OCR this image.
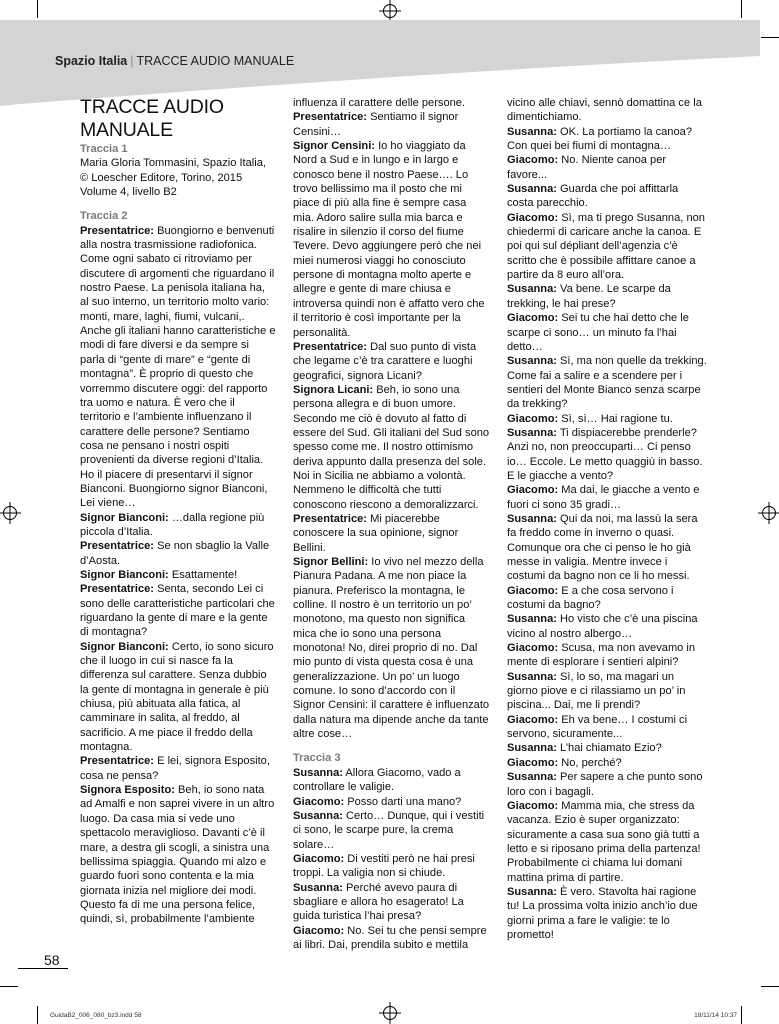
Spazio Italia | TRACCE AUDIO MANUALE

TRACCE AUDIO MANUALE

Traccia 1

Maria Gloria Tommasini, Spazio Italia, © Loescher Editore, Torino, 2015 Volume 4, livello B2

Traccia 2

Presentatrice: Buongiorno e benvenuti alla nostra trasmissione radiofonica. Come ogni sabato ci ritroviamo per discutere di argomenti che riguardano il nostro Paese. La penisola italiana ha, al suo interno, un territorio molto vario: monti, mare, laghi, fiumi, vulcani,. Anche gli italiani hanno caratteristiche e modi di fare diversi e da sempre si parla di “gente di mare” e “gente di montagna”. È proprio di questo che vorremmo discutere oggi: del rapporto tra uomo e natura. È vero che il territorio e l’ambiente influenzano il carattere delle persone? Sentiamo cosa ne pensano i nostri ospiti provenienti da diverse regioni d’Italia. Ho il piacere di presentarvi il signor Bianconi. Buongiorno signor Bianconi, Lei viene…

Signor Bianconi: …dalla regione più piccola d’Italia.

Presentatrice: Se non sbaglio la Valle d’Aosta.

Signor Bianconi: Esattamente!

Presentatrice: Senta, secondo Lei ci sono delle caratteristiche particolari che riguardano la gente di mare e la gente di montagna?

Signor Bianconi: Certo, io sono sicuro che il luogo in cui si nasce fa la differenza sul carattere. Senza dubbio la gente di montagna in generale è più chiusa, più abituata alla fatica, al camminare in salita, al freddo, al sacrificio. A me piace il freddo della montagna.

Presentatrice: E lei, signora Esposito, cosa ne pensa?

Signora Esposito: Beh, io sono nata ad Amalfi e non saprei vivere in un altro luogo. Da casa mia si vede uno spettacolo meraviglioso. Davanti c’è il mare, a destra gli scogli, a sinistra una bellissima spiaggia. Quando mi alzo e guardo fuori sono contenta e la mia giornata inizia nel migliore dei modi. Questo fa di me una persona felice, quindi, sì, probabilmente l’ambiente

influenza il carattere delle persone.

Presentatrice: Sentiamo il signor Censini…

Signor Censini: Io ho viaggiato da Nord a Sud e in lungo e in largo e conosco bene il nostro Paese…. Lo trovo bellissimo ma il posto che mi piace di più alla fine è sempre casa mia. Adoro salire sulla mia barca e risalire in silenzio il corso del fiume Tevere. Devo aggiungere però che nei miei numerosi viaggi ho conosciuto persone di montagna molto aperte e allegre e gente di mare chiusa e introversa quindi non è affatto vero che il territorio è così importante per la personalità.

Presentatrice: Dal suo punto di vista che legame c’è tra carattere e luoghi geografici, signora Licani?

Signora Licani: Beh, io sono una persona allegra e di buon umore. Secondo me ciò è dovuto al fatto di essere del Sud. Gli italiani del Sud sono spesso come me. Il nostro ottimismo deriva appunto dalla presenza del sole. Noi in Sicilia ne abbiamo a volontà. Nemmeno le difficoltà che tutti conoscono riescono a demoralizzarci.

Presentatrice: Mi piacerebbe conoscere la sua opinione, signor Bellini.

Signor Bellini: Io vivo nel mezzo della Pianura Padana. A me non piace la pianura. Preferisco la montagna, le colline. Il nostro è un territorio un po’ monotono, ma questo non significa mica che io sono una persona monotona! No, direi proprio di no. Dal mio punto di vista questa cosa è una generalizzazione. Un po’ un luogo comune. Io sono d’accordo con il Signor Censini: il carattere è influenzato dalla natura ma dipende anche da tante altre cose…

Traccia 3

Susanna: Allora Giacomo, vado a controllare le valigie.

Giacomo: Posso darti una mano?

Susanna: Certo… Dunque, qui i vestiti ci sono, le scarpe pure, la crema solare…

Giacomo: Di vestiti però ne hai presi troppi. La valigia non si chiude.

Susanna: Perché avevo paura di sbagliare e allora ho esagerato! La guida turistica l’hai presa?

Giacomo: No. Sei tu che pensi sempre ai libri. Dai, prendila subito e mettila

vicino alle chiavi, sennò domattina ce la dimentichiamo.

Susanna: OK. La portiamo la canoa? Con quei bei fiumi di montagna…

Giacomo: No. Niente canoa per favore...

Susanna: Guarda che poi affittarla costa parecchio.

Giacomo: Sì, ma ti prego Susanna, non chiedermi di caricare anche la canoa. E poi qui sul dépliant dell’agenzia c’è scritto che è possibile affittare canoe a partire da 8 euro all’ora.

Susanna: Va bene. Le scarpe da trekking, le hai prese?

Giacomo: Sei tu che hai detto che le scarpe ci sono… un minuto fa l’hai detto…

Susanna: Sì, ma non quelle da trekking. Come fai a salire e a scendere per i sentieri del Monte Bianco senza scarpe da trekking?

Giacomo: Sì, sì… Hai ragione tu.

Susanna: Ti dispiacerebbe prenderle? Anzi no, non preoccuparti… Ci penso io… Eccole. Le metto quaggiù in basso. E le giacche a vento?

Giacomo: Ma dai, le giacche a vento e fuori ci sono 35 gradi…

Susanna: Qui da noi, ma lassù la sera fa freddo come in inverno o quasi. Comunque ora che ci penso le ho già messe in valigia. Mentre invece i costumi da bagno non ce li ho messi.

Giacomo: E a che cosa servono i costumi da bagno?

Susanna: Ho visto che c’è una piscina vicino al nostro albergo…

Giacomo: Scusa, ma non avevamo in mente di esplorare i sentieri alpini?

Susanna: Sì, lo so, ma magari un giorno piove e ci rilassiamo un po’ in piscina... Dai, me li prendi?

Giacomo: Eh va bene… I costumi ci servono, sicuramente...

Susanna: L’hai chiamato Ezio?

Giacomo: No, perché?

Susanna: Per sapere a che punto sono loro con i bagagli.

Giacomo: Mamma mia, che stress da vacanza. Ezio è super organizzato: sicuramente a casa sua sono già tutti a letto e si riposano prima della partenza! Probabilmente ci chiama lui domani mattina prima di partire.

Susanna: È vero. Stavolta hai ragione tu! La prossima volta inizio anch’io due giorni prima a fare le valigie: te lo prometto!

58
GuidaB2_006_080_bz3.indd 58	18/11/14 10:37
